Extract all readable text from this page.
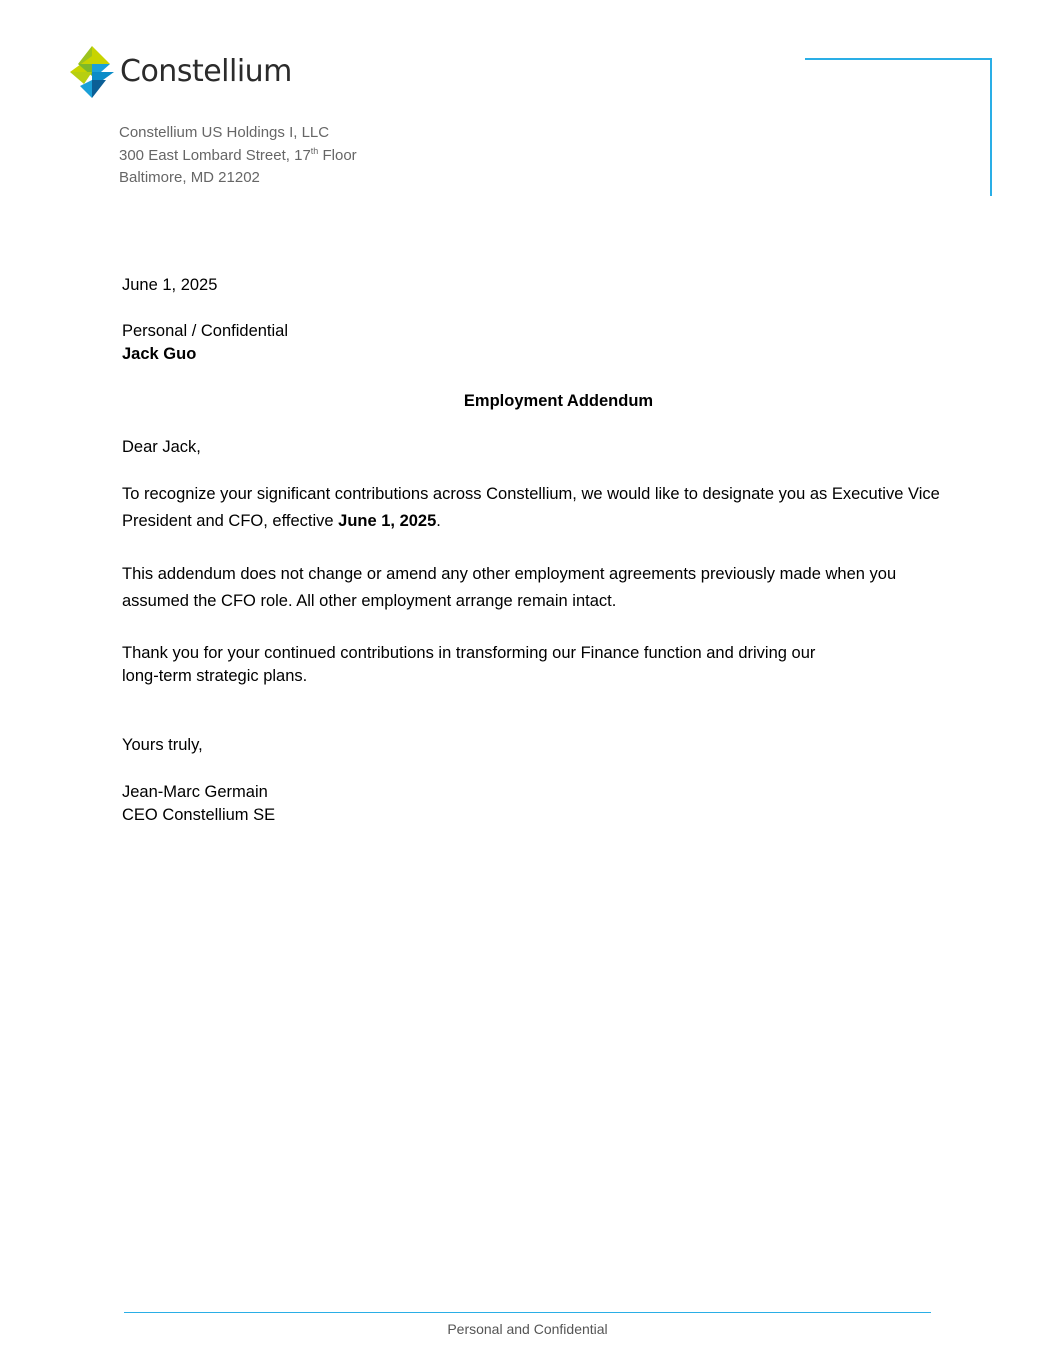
Constellium
Constellium US Holdings I, LLC
300 East Lombard Street, 17th Floor
Baltimore, MD 21202
June 1, 2025
Personal / Confidential
Jack Guo
Employment Addendum
Dear Jack,
To recognize your significant contributions across Constellium, we would like to designate you as Executive Vice President and CFO, effective June 1, 2025.
This addendum does not change or amend any other employment agreements previously made when you assumed the CFO role. All other employment arrange remain intact.
Thank you for your continued contributions in transforming our Finance function and driving our
long-term strategic plans.
Yours truly,
Jean-Marc Germain
CEO Constellium SE
Personal and Confidential
